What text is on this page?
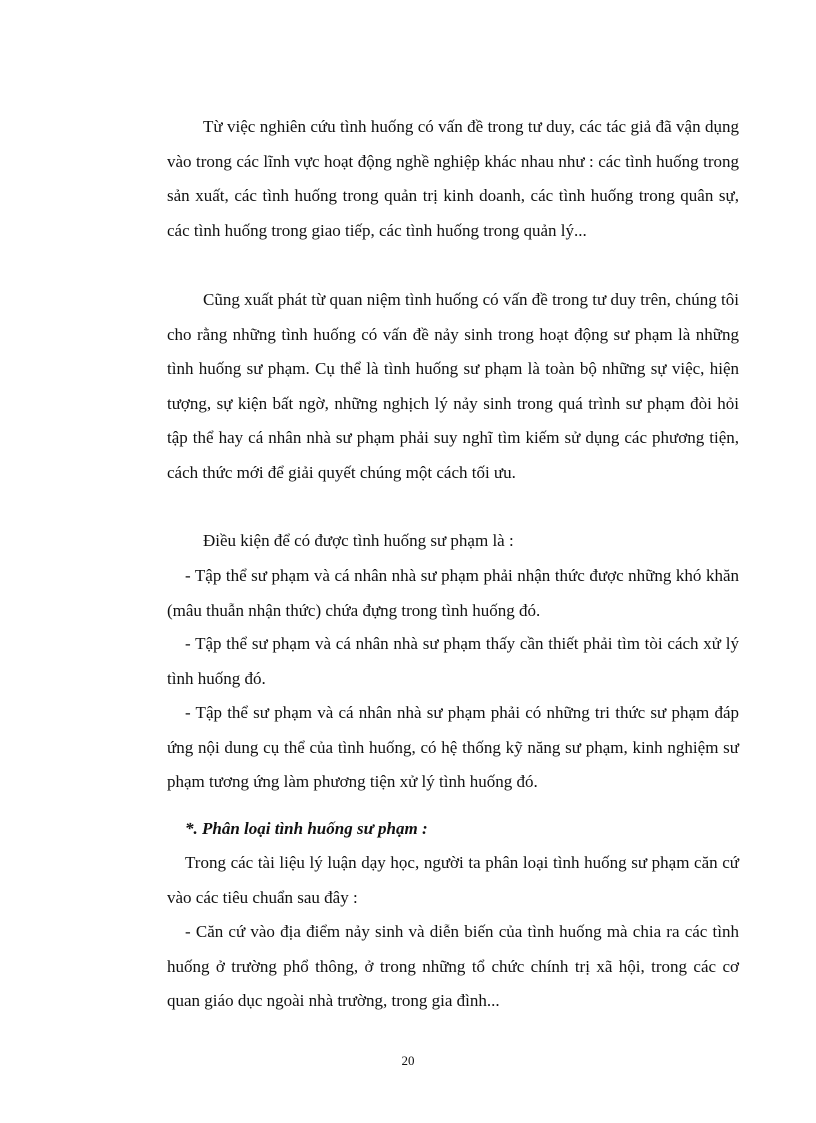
Từ việc nghiên cứu tình huống có vấn đề trong tư duy, các tác giả đã vận dụng vào trong các lĩnh vực hoạt động nghề nghiệp khác nhau như : các tình huống trong sản xuất, các tình huống trong quản trị kinh doanh, các tình huống trong quân sự, các tình huống trong giao tiếp, các tình huống trong quản lý...

Cũng xuất phát từ quan niệm tình huống có vấn đề trong tư duy trên, chúng tôi cho rằng những tình huống có vấn đề nảy sinh trong hoạt động sư phạm là những tình huống sư phạm. Cụ thể là tình huống sư phạm là toàn bộ những sự việc, hiện tượng, sự kiện bất ngờ, những nghịch lý nảy sinh trong quá trình sư phạm đòi hỏi tập thể hay cá nhân nhà sư phạm phải suy nghĩ tìm kiếm sử dụng các phương tiện, cách thức mới để giải quyết chúng một cách tối ưu.

Điều kiện để có được tình huống sư phạm là :

- Tập thể sư phạm và cá nhân nhà sư phạm phải nhận thức được những khó khăn (mâu thuẫn nhận thức) chứa đựng trong tình huống đó.

- Tập thể sư phạm và cá nhân nhà sư phạm thấy cần thiết phải tìm tòi cách xử lý tình huống đó.

- Tập thể sư phạm và cá nhân nhà sư phạm phải có những tri thức sư phạm đáp ứng nội dung cụ thể của tình huống, có hệ thống kỹ năng sư phạm, kinh nghiệm sư phạm tương ứng làm phương tiện xử lý tình huống đó.

*. Phân loại tình huống sư phạm :

Trong các tài liệu lý luận dạy học, người ta phân loại tình huống sư phạm căn cứ vào các tiêu chuẩn sau đây :

- Căn cứ vào địa điểm nảy sinh và diễn biến của tình huống mà chia ra các tình huống ở trường phổ thông, ở trong những tổ chức chính trị xã hội, trong các cơ quan giáo dục ngoài nhà trường, trong gia đình...

20
